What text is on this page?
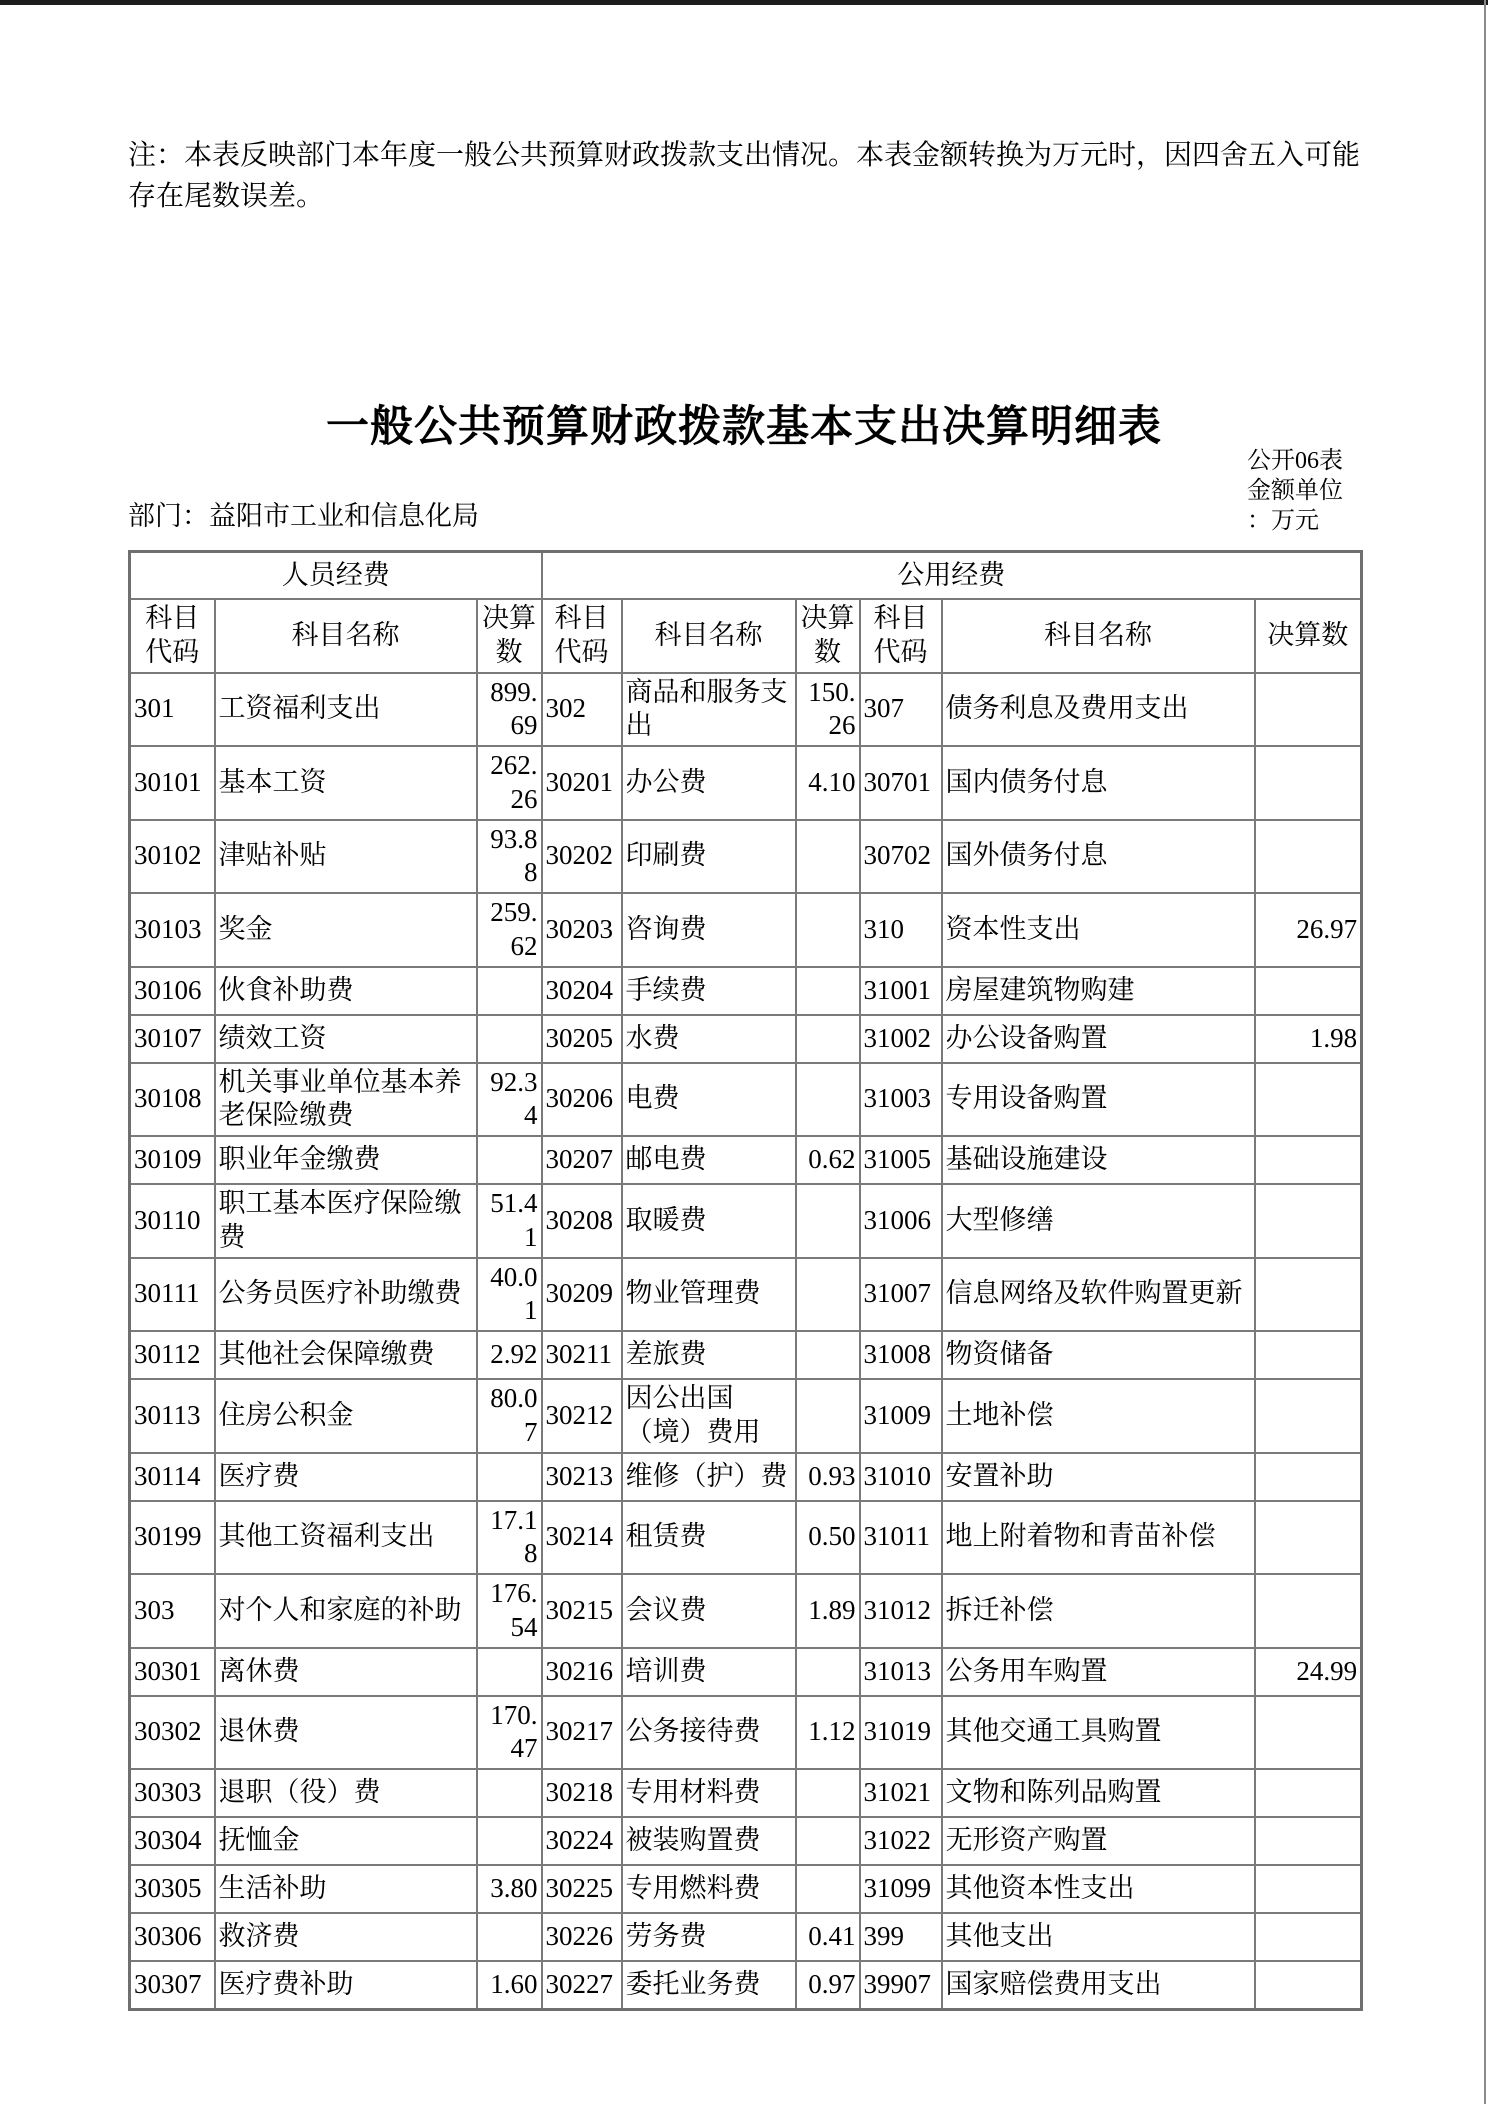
注：本表反映部门本年度一般公共预算财政拨款支出情况。本表金额转换为万元时，因四舍五入可能存在尾数误差。
一般公共预算财政拨款基本支出决算明细表
公开06表
金额单位
：万元
部门：益阳市工业和信息化局
人员经费			公用经费					
科目代码	科目名称	决算数	科目代码	科目名称	决算数	科目代码	科目名称	决算数
301	工资福利支出	899.69	302	商品和服务支出	150.26	307	债务利息及费用支出	
30101	基本工资	262.26	30201	办公费	4.10	30701	国内债务付息	
30102	津贴补贴	93.88	30202	印刷费		30702	国外债务付息	
30103	奖金	259.62	30203	咨询费		310	资本性支出	26.97
30106	伙食补助费		30204	手续费		31001	房屋建筑物购建	
30107	绩效工资		30205	水费		31002	办公设备购置	1.98
30108	机关事业单位基本养老保险缴费	92.34	30206	电费		31003	专用设备购置	
30109	职业年金缴费		30207	邮电费	0.62	31005	基础设施建设	
30110	职工基本医疗保险缴费	51.41	30208	取暖费		31006	大型修缮	
30111	公务员医疗补助缴费	40.01	30209	物业管理费		31007	信息网络及软件购置更新	
30112	其他社会保障缴费	2.92	30211	差旅费		31008	物资储备	
30113	住房公积金	80.07	30212	因公出国（境）费用		31009	土地补偿	
30114	医疗费		30213	维修（护）费	0.93	31010	安置补助	
30199	其他工资福利支出	17.18	30214	租赁费	0.50	31011	地上附着物和青苗补偿	
303	对个人和家庭的补助	176.54	30215	会议费	1.89	31012	拆迁补偿	
30301	离休费		30216	培训费		31013	公务用车购置	24.99
30302	退休费	170.47	30217	公务接待费	1.12	31019	其他交通工具购置	
30303	退职（役）费		30218	专用材料费		31021	文物和陈列品购置	
30304	抚恤金		30224	被装购置费		31022	无形资产购置	
30305	生活补助	3.80	30225	专用燃料费		31099	其他资本性支出	
30306	救济费		30226	劳务费	0.41	399	其他支出	
30307	医疗费补助	1.60	30227	委托业务费	0.97	39907	国家赔偿费用支出	
